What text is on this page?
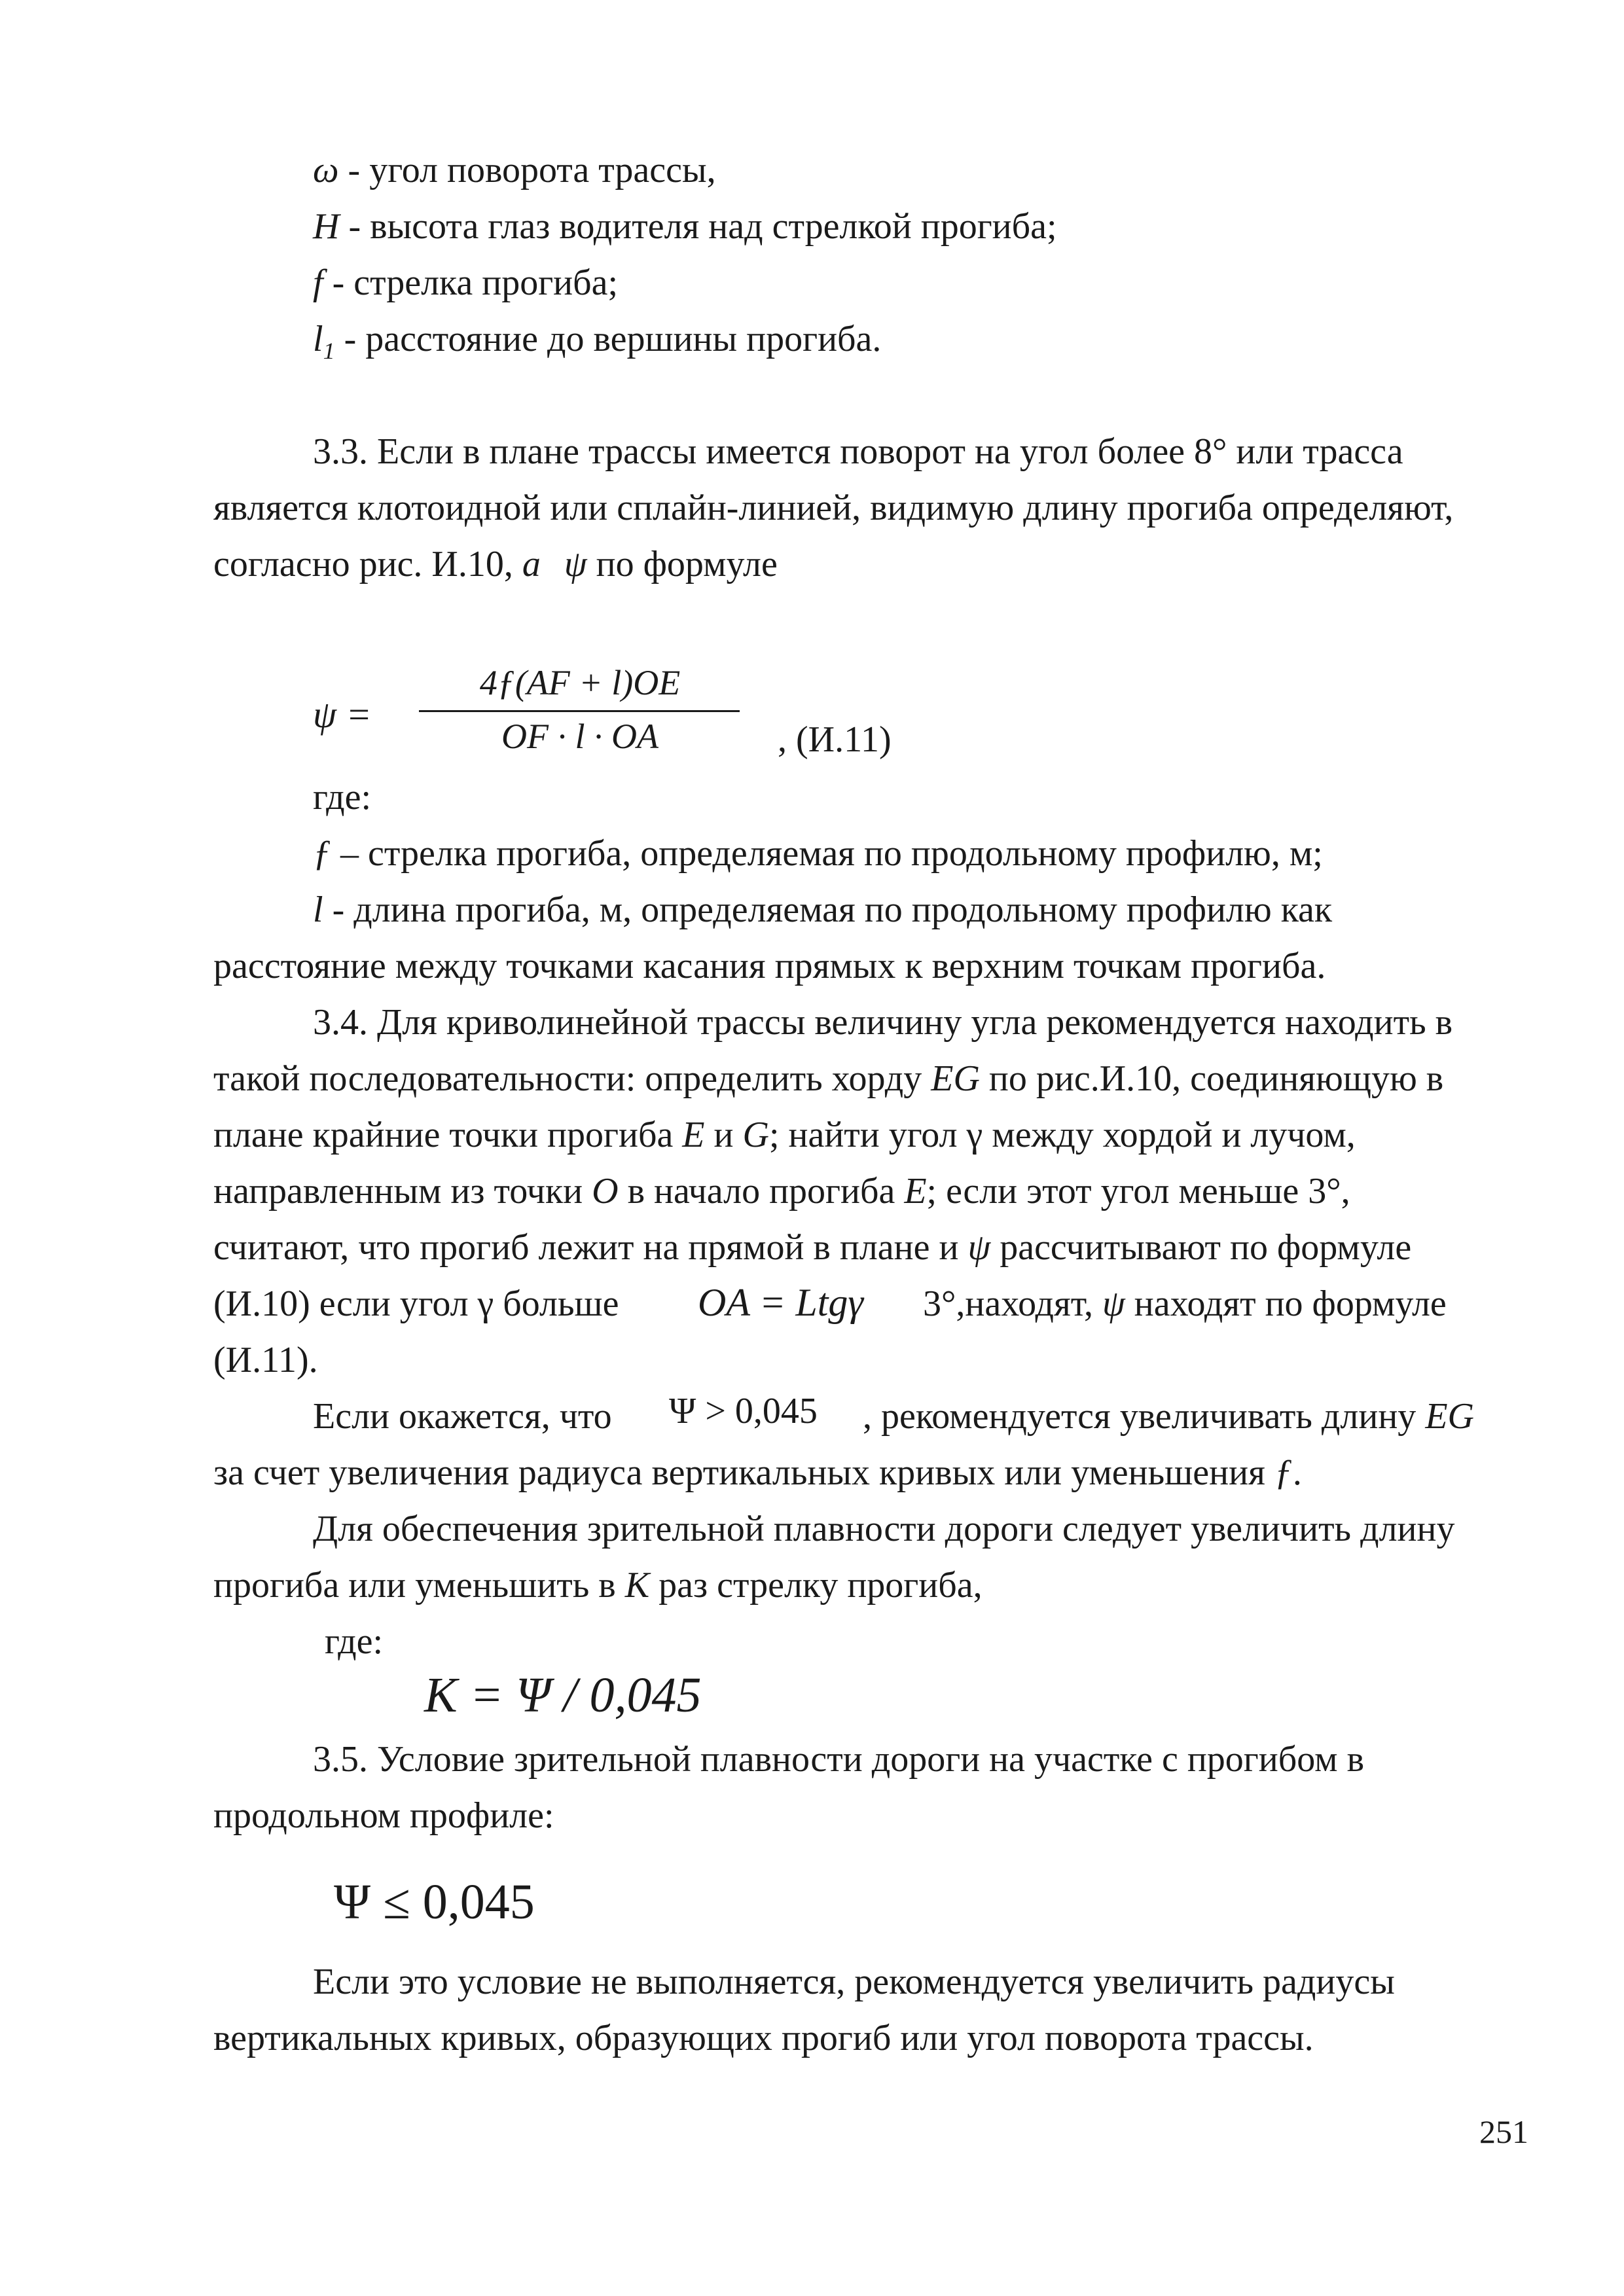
ω - угол поворота трассы,
H - высота глаз водителя над стрелкой прогиба;
f - стрелка прогиба;
$l_1$ - расстояние до вершины прогиба.
3.3. Если в плане трассы имеется поворот на угол более 8° или трасса
является клотоидной или сплайн-линией, видимую длину прогиба определяют,
согласно рис. И.10, а ψ по формуле
ψ =
4ƒ(AF + l)OE
OF · l · OA	, (И.11)
где:
ƒ – стрелка прогиба, определяемая по продольному профилю, м;
l - длина прогиба, м, определяемая по продольному профилю как
расстояние между точками касания прямых к верхним точкам прогиба.
3.4. Для криволинейной трассы величину угла рекомендуется находить в
такой последовательности: определить хорду EG по рис.И.10, соединяющую в
плане крайние точки прогиба E и G; найти угол γ между хордой и лучом,
направленным из точки O в начало прогиба E; если этот угол меньше 3°,
считают, что прогиб лежит на прямой в плане и ψ рассчитывают по формуле
(И.10) если угол γ больше OA = Ltgγ 3°,находят, ψ находят по формуле
(И.11).
Если окажется, что Ψ > 0,045 , рекомендуется увеличивать длину EG
за счет увеличения радиуса вертикальных кривых или уменьшения ƒ.
Для обеспечения зрительной плавности дороги следует увеличить длину
прогиба или уменьшить в K раз стрелку прогиба,
где:
K = Ψ / 0,045
3.5. Условие зрительной плавности дороги на участке с прогибом в
продольном профиле:
Ψ ≤ 0,045
Если это условие не выполняется, рекомендуется увеличить радиусы
вертикальных кривых, образующих прогиб или угол поворота трассы.
251
